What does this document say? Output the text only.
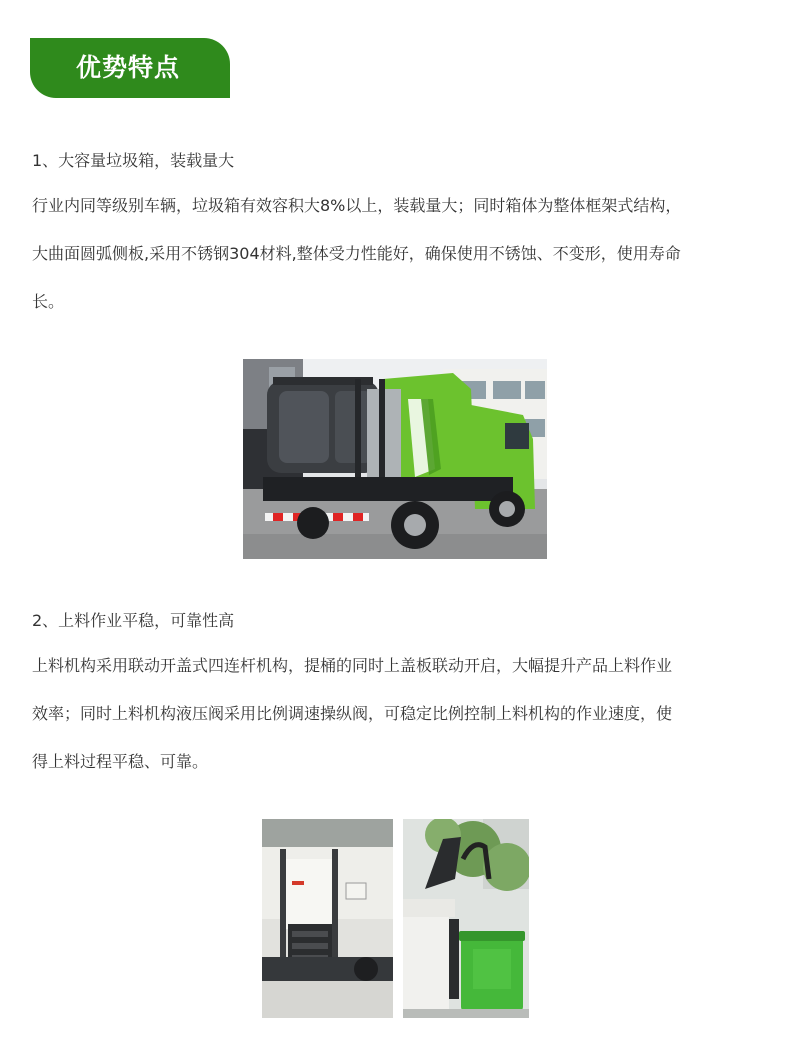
优势特点
1、大容量垃圾箱，装载量大
行业内同等级别车辆，垃圾箱有效容积大8%以上，装载量大；同时箱体为整体框架式结构，
大曲面圆弧侧板,采用不锈钢304材料,整体受力性能好，确保使用不锈蚀、不变形，使用寿命
长。
2、上料作业平稳，可靠性高
上料机构采用联动开盖式四连杆机构，提桶的同时上盖板联动开启，大幅提升产品上料作业
效率；同时上料机构液压阀采用比例调速操纵阀，可稳定比例控制上料机构的作业速度，使
得上料过程平稳、可靠。
